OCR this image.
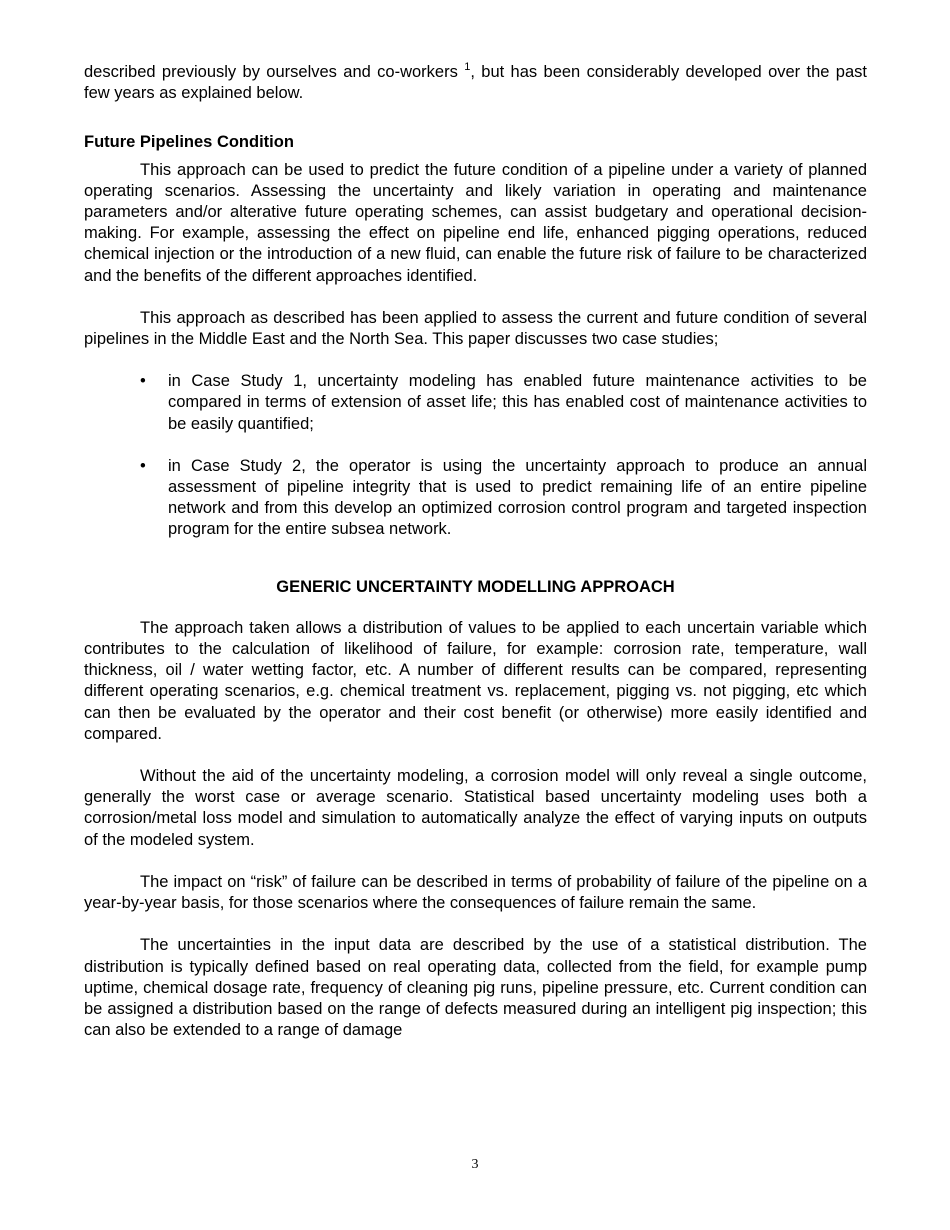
described previously by ourselves and co-workers $^1$, but has been considerably developed over the past few years as explained below.

Future Pipelines Condition

This approach can be used to predict the future condition of a pipeline under a variety of planned operating scenarios. Assessing the uncertainty and likely variation in operating and maintenance parameters and/or alterative future operating schemes, can assist budgetary and operational decision-making. For example, assessing the effect on pipeline end life, enhanced pigging operations, reduced chemical injection or the introduction of a new fluid, can enable the future risk of failure to be characterized and the benefits of the different approaches identified.

This approach as described has been applied to assess the current and future condition of several pipelines in the Middle East and the North Sea. This paper discusses two case studies;

• in Case Study 1, uncertainty modeling has enabled future maintenance activities to be compared in terms of extension of asset life; this has enabled cost of maintenance activities to be easily quantified;
• in Case Study 2, the operator is using the uncertainty approach to produce an annual assessment of pipeline integrity that is used to predict remaining life of an entire pipeline network and from this develop an optimized corrosion control program and targeted inspection program for the entire subsea network.

GENERIC UNCERTAINTY MODELLING APPROACH

The approach taken allows a distribution of values to be applied to each uncertain variable which contributes to the calculation of likelihood of failure, for example: corrosion rate, temperature, wall thickness, oil / water wetting factor, etc. A number of different results can be compared, representing different operating scenarios, e.g. chemical treatment vs. replacement, pigging vs. not pigging, etc which can then be evaluated by the operator and their cost benefit (or otherwise) more easily identified and compared.

Without the aid of the uncertainty modeling, a corrosion model will only reveal a single outcome, generally the worst case or average scenario. Statistical based uncertainty modeling uses both a corrosion/metal loss model and simulation to automatically analyze the effect of varying inputs on outputs of the modeled system.

The impact on “risk” of failure can be described in terms of probability of failure of the pipeline on a year-by-year basis, for those scenarios where the consequences of failure remain the same.

The uncertainties in the input data are described by the use of a statistical distribution. The distribution is typically defined based on real operating data, collected from the field, for example pump uptime, chemical dosage rate, frequency of cleaning pig runs, pipeline pressure, etc. Current condition can be assigned a distribution based on the range of defects measured during an intelligent pig inspection; this can also be extended to a range of damage

3
